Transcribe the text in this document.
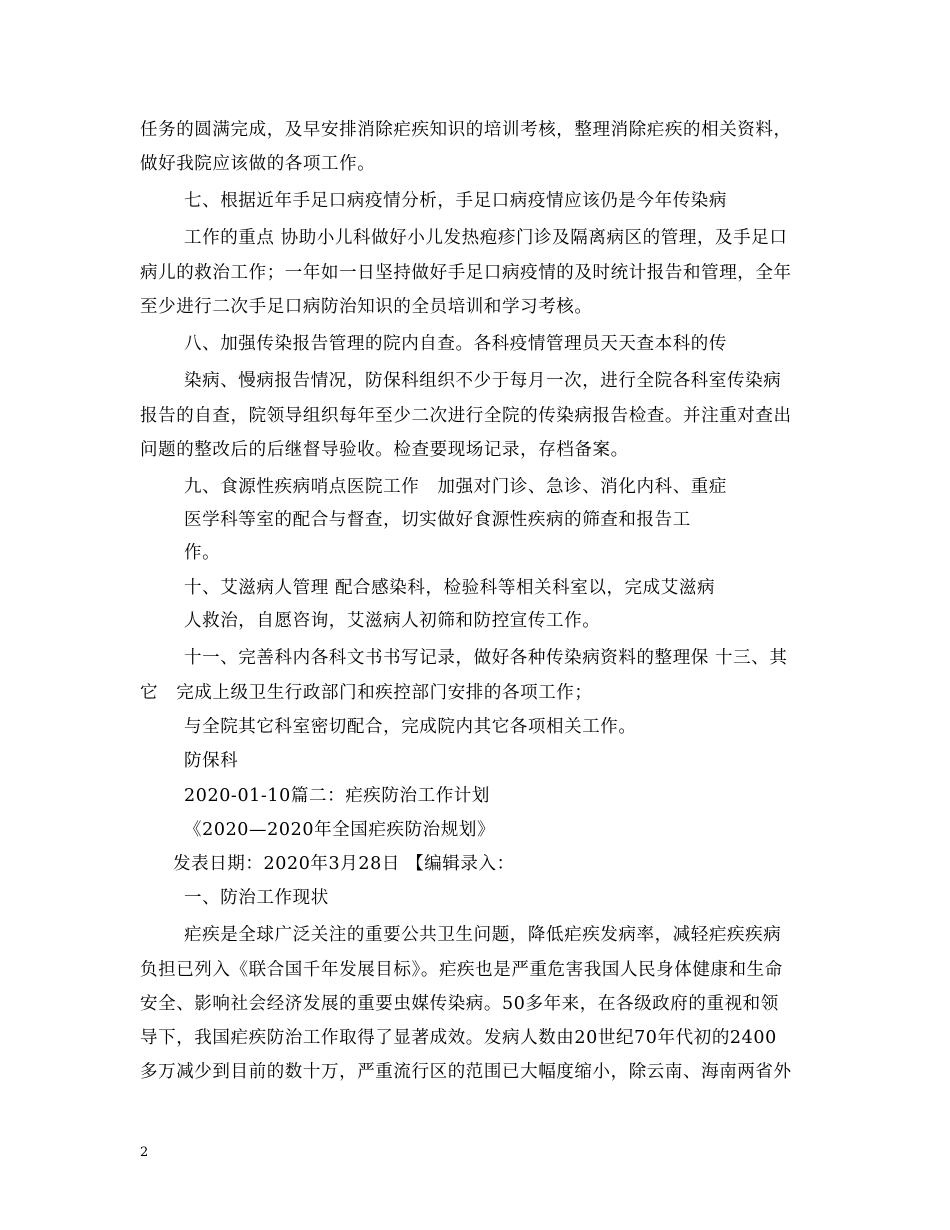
任务的圆满完成，及早安排消除疟疾知识的培训考核，整理消除疟疾的相关资料，
做好我院应该做的各项工作。
七、根据近年手足口病疫情分析，手足口病疫情应该仍是今年传染病
工作的重点 协助小儿科做好小儿发热疱疹门诊及隔离病区的管理，及手足口
病儿的救治工作；一年如一日坚持做好手足口病疫情的及时统计报告和管理，全年
至少进行二次手足口病防治知识的全员培训和学习考核。
八、加强传染报告管理的院内自查。各科疫情管理员天天查本科的传
染病、慢病报告情况，防保科组织不少于每月一次，进行全院各科室传染病
报告的自查，院领导组织每年至少二次进行全院的传染病报告检查。并注重对查出
问题的整改后的后继督导验收。检查要现场记录，存档备案。
九、食源性疾病哨点医院工作　加强对门诊、急诊、消化内科、重症
医学科等室的配合与督查，切实做好食源性疾病的筛查和报告工
作。
十、艾滋病人管理 配合感染科，检验科等相关科室以，完成艾滋病
人救治，自愿咨询，艾滋病人初筛和防控宣传工作。
十一、完善科内各科文书书写记录，做好各种传染病资料的整理保 十三、其
它　完成上级卫生行政部门和疾控部门安排的各项工作；
与全院其它科室密切配合，完成院内其它各项相关工作。
防保科
2020-01-10篇二：疟疾防治工作计划
《2020—2020年全国疟疾防治规划》
发表日期：2020年3月28日 【编辑录入：
一、防治工作现状
疟疾是全球广泛关注的重要公共卫生问题，降低疟疾发病率，减轻疟疾疾病
负担已列入《联合国千年发展目标》。疟疾也是严重危害我国人民身体健康和生命
安全、影响社会经济发展的重要虫媒传染病。50多年来，在各级政府的重视和领
导下，我国疟疾防治工作取得了显著成效。发病人数由20世纪70年代初的2400
多万减少到目前的数十万，严重流行区的范围已大幅度缩小，除云南、海南两省外
2
